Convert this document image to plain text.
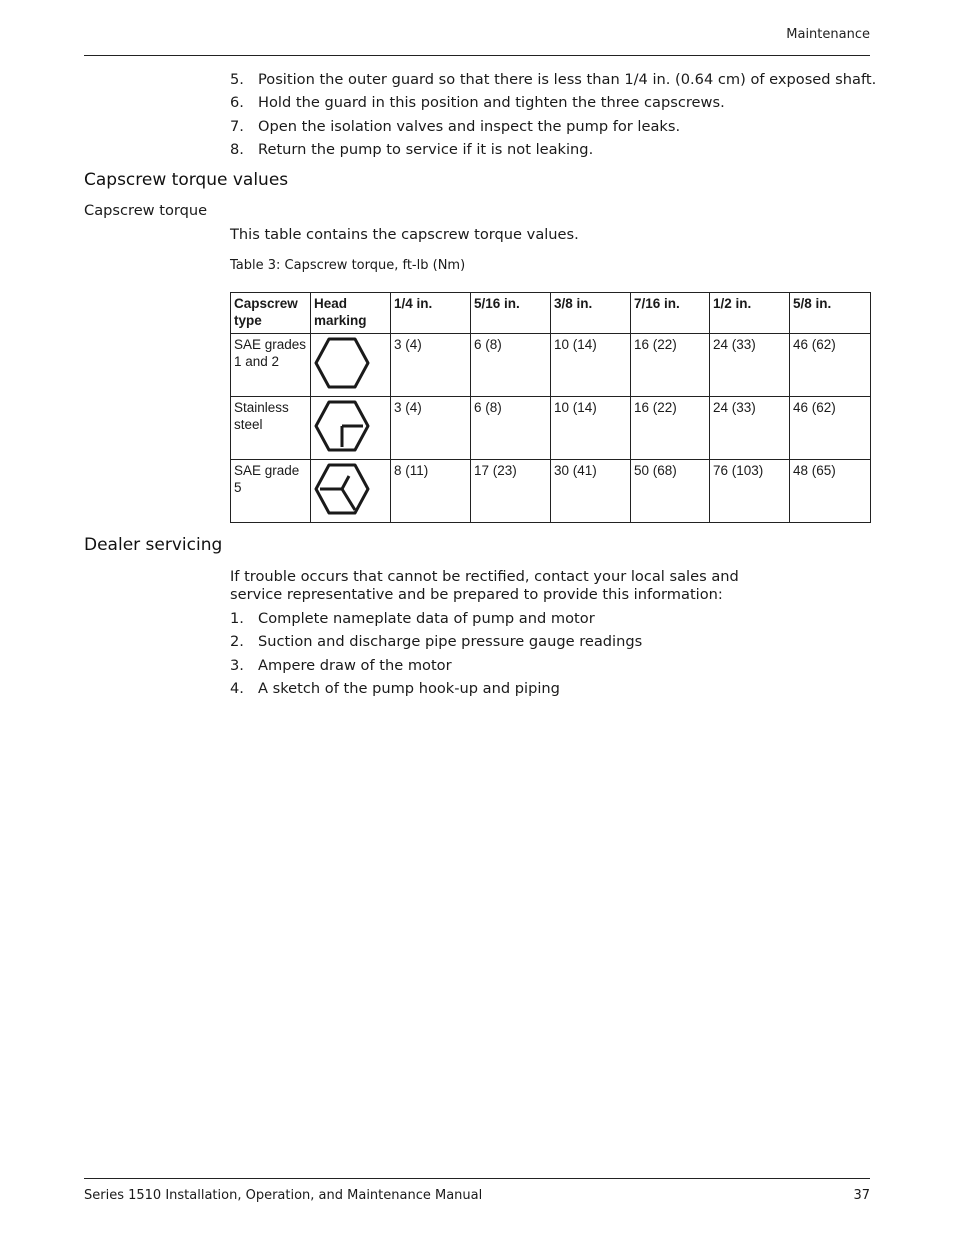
Maintenance
5. Position the outer guard so that there is less than 1/4 in. (0.64 cm) of exposed shaft.
6. Hold the guard in this position and tighten the three capscrews.
7. Open the isolation valves and inspect the pump for leaks.
8. Return the pump to service if it is not leaking.
Capscrew torque values
Capscrew torque

This table contains the capscrew torque values.

Table 3: Capscrew torque, ft-lb (Nm)
Capscrew type	Head marking	1/4 in.	5/16 in.	3/8 in.	7/16 in.	1/2 in.	5/8 in.
SAE grades 1 and 2		3 (4)	6 (8)	10 (14)	16 (22)	24 (33)	46 (62)
Stainless steel		3 (4)	6 (8)	10 (14)	16 (22)	24 (33)	46 (62)
SAE grade 5		8 (11)	17 (23)	30 (41)	50 (68)	76 (103)	48 (65)
Dealer servicing

If trouble occurs that cannot be rectified, contact your local sales and service representative and be prepared to provide this information:

1. Complete nameplate data of pump and motor
2. Suction and discharge pipe pressure gauge readings
3. Ampere draw of the motor
4. A sketch of the pump hook-up and piping
Series 1510 Installation, Operation, and Maintenance Manual	37
